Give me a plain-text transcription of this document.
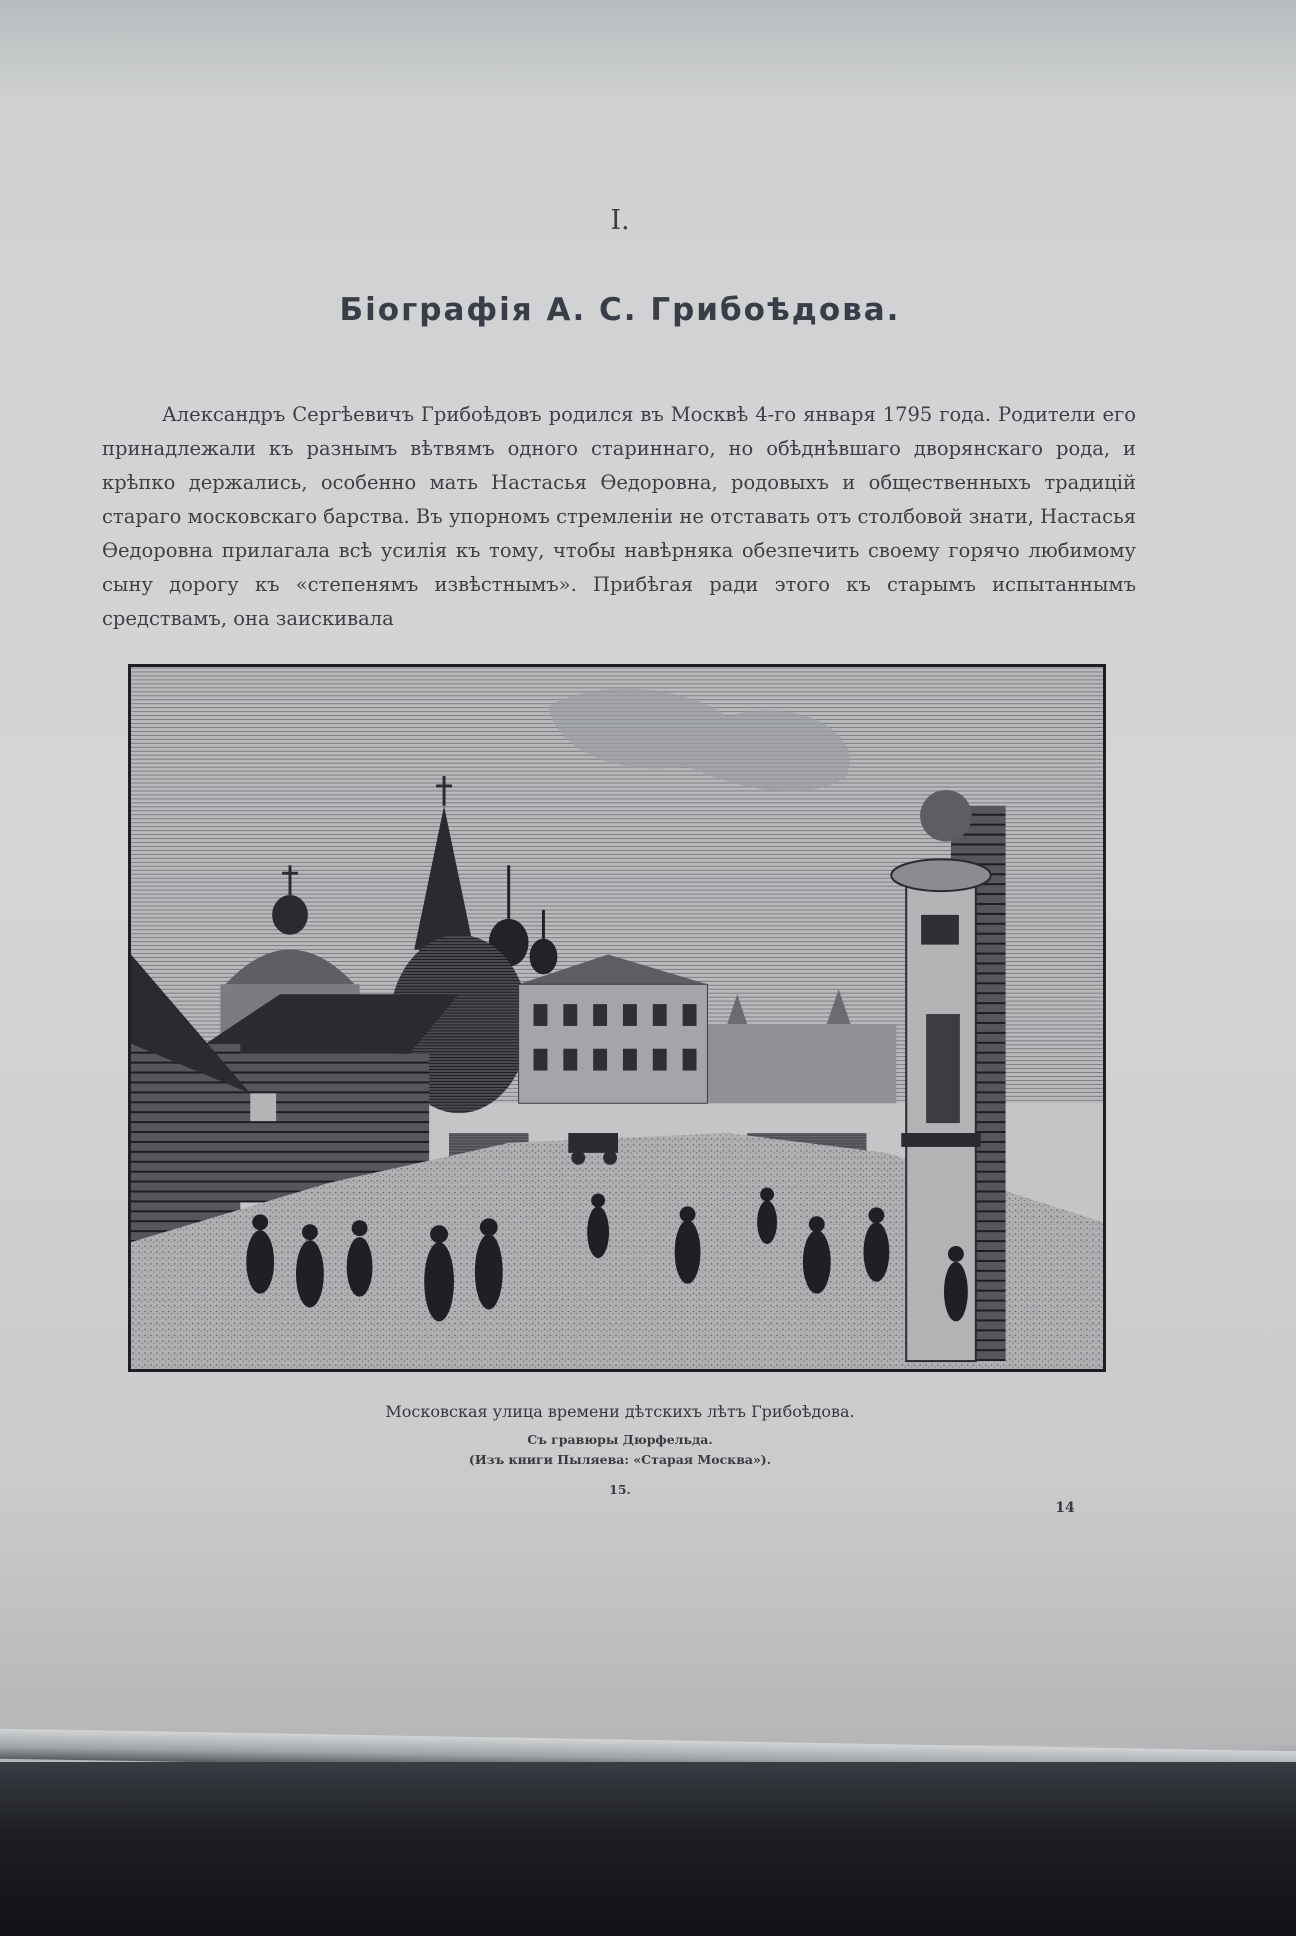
I.
Біографія А. С. Грибоѣдова.

Александръ Сергѣевичъ Грибоѣдовъ родился въ Москвѣ 4-го января 1795 года. Родители его принадлежали къ разнымъ вѣтвямъ одного стариннаго, но обѣднѣвшаго дворянскаго рода, и крѣпко держались, особенно мать Настасья Ѳедоровна, родовыхъ и общественныхъ традицій стараго московскаго барства. Въ упорномъ стремленіи не отставать отъ столбовой знати, Настасья Ѳедоровна прилагала всѣ усилія къ тому, чтобы навѣрняка обезпечить своему горячо любимому сыну дорогу къ «степенямъ извѣстнымъ». Прибѣгая ради этого къ старымъ испытаннымъ средствамъ, она заискивала

Московская улица времени дѣтскихъ лѣтъ Грибоѣдова.
Съ гравюры Дюрфельда.
(Изъ книги Пыляева: «Старая Москва»).
15.
14
